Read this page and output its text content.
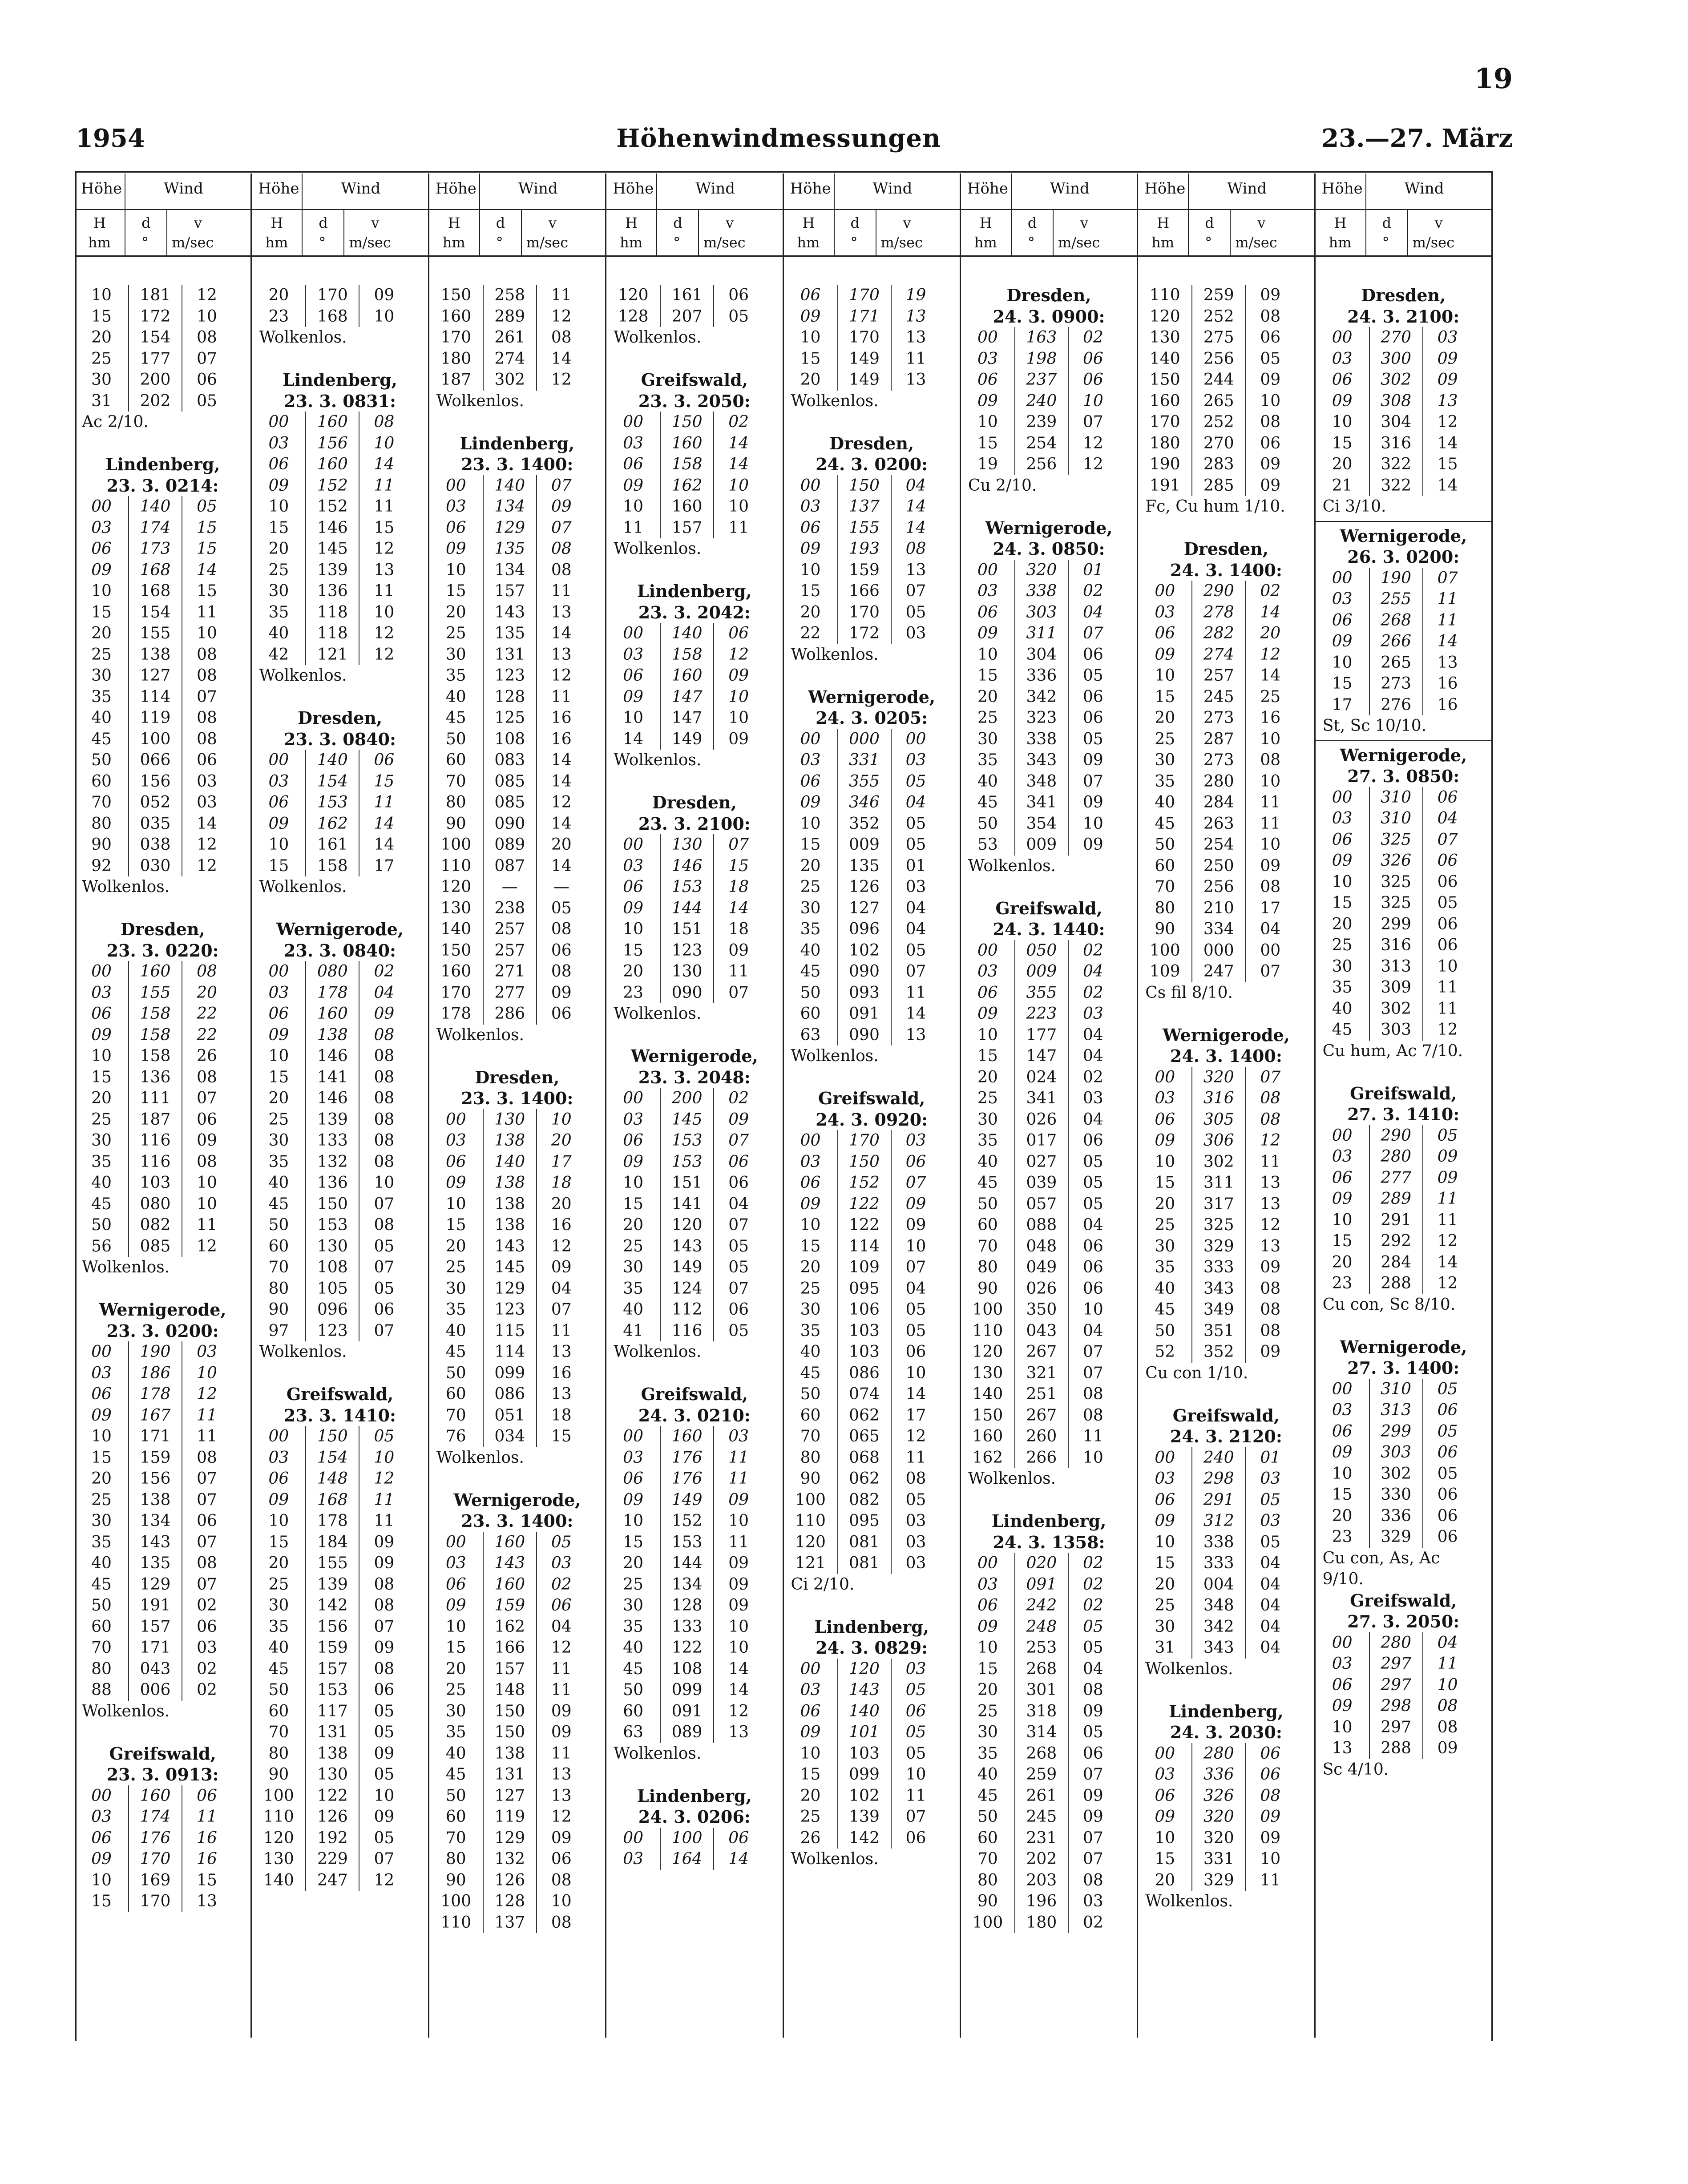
19
1954	Höhenwindmessungen	23.—27. März
Höhe	Wind
H
hm
d
°
v
m/sec
10	181	12
15	172	10
20	154	08
25	177	07
30	200	06
31	202	05
Ac 2/10.
Lindenberg,
23. 3. 0214:
00	140	05
03	174	15
06	173	15
09	168	14
10	168	15
15	154	11
20	155	10
25	138	08
30	127	08
35	114	07
40	119	08
45	100	08
50	066	06
60	156	03
70	052	03
80	035	14
90	038	12
92	030	12
Wolkenlos.
Dresden,
23. 3. 0220:
00	160	08
03	155	20
06	158	22
09	158	22
10	158	26
15	136	08
20	111	07
25	187	06
30	116	09
35	116	08
40	103	10
45	080	10
50	082	11
56	085	12
Wolkenlos.
Wernigerode,
23. 3. 0200:
00	190	03
03	186	10
06	178	12
09	167	11
10	171	11
15	159	08
20	156	07
25	138	07
30	134	06
35	143	07
40	135	08
45	129	07
50	191	02
60	157	06
70	171	03
80	043	02
88	006	02
Wolkenlos.
Greifswald,
23. 3. 0913:
00	160	06
03	174	11
06	176	16
09	170	16
10	169	15
15	170	13
Höhe	Wind
H
hm
d
°
v
m/sec
20	170	09
23	168	10
Wolkenlos.
Lindenberg,
23. 3. 0831:
00	160	08
03	156	10
06	160	14
09	152	11
10	152	11
15	146	15
20	145	12
25	139	13
30	136	11
35	118	10
40	118	12
42	121	12
Wolkenlos.
Dresden,
23. 3. 0840:
00	140	06
03	154	15
06	153	11
09	162	14
10	161	14
15	158	17
Wolkenlos.
Wernigerode,
23. 3. 0840:
00	080	02
03	178	04
06	160	09
09	138	08
10	146	08
15	141	08
20	146	08
25	139	08
30	133	08
35	132	08
40	136	10
45	150	07
50	153	08
60	130	05
70	108	07
80	105	05
90	096	06
97	123	07
Wolkenlos.
Greifswald,
23. 3. 1410:
00	150	05
03	154	10
06	148	12
09	168	11
10	178	11
15	184	09
20	155	09
25	139	08
30	142	08
35	156	07
40	159	09
45	157	08
50	153	06
60	117	05
70	131	05
80	138	09
90	130	05
100	122	10
110	126	09
120	192	05
130	229	07
140	247	12
Höhe	Wind
H
hm
d
°
v
m/sec
150	258	11
160	289	12
170	261	08
180	274	14
187	302	12
Wolkenlos.
Lindenberg,
23. 3. 1400:
00	140	07
03	134	09
06	129	07
09	135	08
10	134	08
15	157	11
20	143	13
25	135	14
30	131	13
35	123	12
40	128	11
45	125	16
50	108	16
60	083	14
70	085	14
80	085	12
90	090	14
100	089	20
110	087	14
120	—	—
130	238	05
140	257	08
150	257	06
160	271	08
170	277	09
178	286	06
Wolkenlos.
Dresden,
23. 3. 1400:
00	130	10
03	138	20
06	140	17
09	138	18
10	138	20
15	138	16
20	143	12
25	145	09
30	129	04
35	123	07
40	115	11
45	114	13
50	099	16
60	086	13
70	051	18
76	034	15
Wolkenlos.
Wernigerode,
23. 3. 1400:
00	160	05
03	143	03
06	160	02
09	159	06
10	162	04
15	166	12
20	157	11
25	148	11
30	150	09
35	150	09
40	138	11
45	131	13
50	127	13
60	119	12
70	129	09
80	132	06
90	126	08
100	128	10
110	137	08
Höhe	Wind
H
hm
d
°
v
m/sec
120	161	06
128	207	05
Wolkenlos.
Greifswald,
23. 3. 2050:
00	150	02
03	160	14
06	158	14
09	162	10
10	160	10
11	157	11
Wolkenlos.
Lindenberg,
23. 3. 2042:
00	140	06
03	158	12
06	160	09
09	147	10
10	147	10
14	149	09
Wolkenlos.
Dresden,
23. 3. 2100:
00	130	07
03	146	15
06	153	18
09	144	14
10	151	18
15	123	09
20	130	11
23	090	07
Wolkenlos.
Wernigerode,
23. 3. 2048:
00	200	02
03	145	09
06	153	07
09	153	06
10	151	06
15	141	04
20	120	07
25	143	05
30	149	05
35	124	07
40	112	06
41	116	05
Wolkenlos.
Greifswald,
24. 3. 0210:
00	160	03
03	176	11
06	176	11
09	149	09
10	152	10
15	153	11
20	144	09
25	134	09
30	128	09
35	133	10
40	122	10
45	108	14
50	099	14
60	091	12
63	089	13
Wolkenlos.
Lindenberg,
24. 3. 0206:
00	100	06
03	164	14
Höhe	Wind
H
hm
d
°
v
m/sec
06	170	19
09	171	13
10	170	13
15	149	11
20	149	13
Wolkenlos.
Dresden,
24. 3. 0200:
00	150	04
03	137	14
06	155	14
09	193	08
10	159	13
15	166	07
20	170	05
22	172	03
Wolkenlos.
Wernigerode,
24. 3. 0205:
00	000	00
03	331	03
06	355	05
09	346	04
10	352	05
15	009	05
20	135	01
25	126	03
30	127	04
35	096	04
40	102	05
45	090	07
50	093	11
60	091	14
63	090	13
Wolkenlos.
Greifswald,
24. 3. 0920:
00	170	03
03	150	06
06	152	07
09	122	09
10	122	09
15	114	10
20	109	07
25	095	04
30	106	05
35	103	05
40	103	06
45	086	10
50	074	14
60	062	17
70	065	12
80	068	11
90	062	08
100	082	05
110	095	03
120	081	03
121	081	03
Ci 2/10.
Lindenberg,
24. 3. 0829:
00	120	03
03	143	05
06	140	06
09	101	05
10	103	05
15	099	10
20	102	11
25	139	07
26	142	06
Wolkenlos.
Höhe	Wind
H
hm
d
°
v
m/sec
Dresden,
24. 3. 0900:
00	163	02
03	198	06
06	237	06
09	240	10
10	239	07
15	254	12
19	256	12
Cu 2/10.
Wernigerode,
24. 3. 0850:
00	320	01
03	338	02
06	303	04
09	311	07
10	304	06
15	336	05
20	342	06
25	323	06
30	338	05
35	343	09
40	348	07
45	341	09
50	354	10
53	009	09
Wolkenlos.
Greifswald,
24. 3. 1440:
00	050	02
03	009	04
06	355	02
09	223	03
10	177	04
15	147	04
20	024	02
25	341	03
30	026	04
35	017	06
40	027	05
45	039	05
50	057	05
60	088	04
70	048	06
80	049	06
90	026	06
100	350	10
110	043	04
120	267	07
130	321	07
140	251	08
150	267	08
160	260	11
162	266	10
Wolkenlos.
Lindenberg,
24. 3. 1358:
00	020	02
03	091	02
06	242	02
09	248	05
10	253	05
15	268	04
20	301	08
25	318	09
30	314	05
35	268	06
40	259	07
45	261	09
50	245	09
60	231	07
70	202	07
80	203	08
90	196	03
100	180	02
Höhe	Wind
H
hm
d
°
v
m/sec
110	259	09
120	252	08
130	275	06
140	256	05
150	244	09
160	265	10
170	252	08
180	270	06
190	283	09
191	285	09
Fc, Cu hum 1/10.
Dresden,
24. 3. 1400:
00	290	02
03	278	14
06	282	20
09	274	12
10	257	14
15	245	25
20	273	16
25	287	10
30	273	08
35	280	10
40	284	11
45	263	11
50	254	10
60	250	09
70	256	08
80	210	17
90	334	04
100	000	00
109	247	07
Cs fil 8/10.
Wernigerode,
24. 3. 1400:
00	320	07
03	316	08
06	305	08
09	306	12
10	302	11
15	311	13
20	317	13
25	325	12
30	329	13
35	333	09
40	343	08
45	349	08
50	351	08
52	352	09
Cu con 1/10.
Greifswald,
24. 3. 2120:
00	240	01
03	298	03
06	291	05
09	312	03
10	338	05
15	333	04
20	004	04
25	348	04
30	342	04
31	343	04
Wolkenlos.
Lindenberg,
24. 3. 2030:
00	280	06
03	336	06
06	326	08
09	320	09
10	320	09
15	331	10
20	329	11
Wolkenlos.
Höhe	Wind
H
hm
d
°
v
m/sec
Dresden,
24. 3. 2100:
00	270	03
03	300	09
06	302	09
09	308	13
10	304	12
15	316	14
20	322	15
21	322	14
Ci 3/10.
Wernigerode,
26. 3. 0200:
00	190	07
03	255	11
06	268	11
09	266	14
10	265	13
15	273	16
17	276	16
St, Sc 10/10.
Wernigerode,
27. 3. 0850:
00	310	06
03	310	04
06	325	07
09	326	06
10	325	06
15	325	05
20	299	06
25	316	06
30	313	10
35	309	11
40	302	11
45	303	12
Cu hum, Ac 7/10.
Greifswald,
27. 3. 1410:
00	290	05
03	280	09
06	277	09
09	289	11
10	291	11
15	292	12
20	284	14
23	288	12
Cu con, Sc 8/10.
Wernigerode,
27. 3. 1400:
00	310	05
03	313	06
06	299	05
09	303	06
10	302	05
15	330	06
20	336	06
23	329	06
Cu con, As, Ac
9/10.
Greifswald,
27. 3. 2050:
00	280	04
03	297	11
06	297	10
09	298	08
10	297	08
13	288	09
Sc 4/10.
